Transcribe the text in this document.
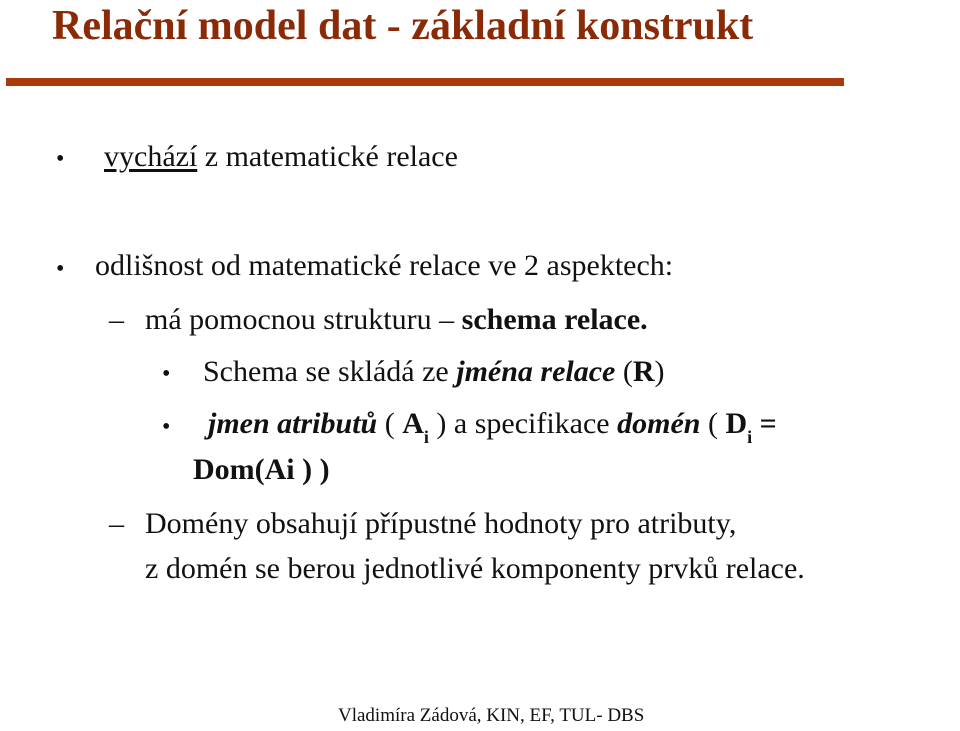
Relační model dat - základní konstrukt
• vychází z matematické relace
• odlišnost od matematické relace ve 2 aspektech:
– má pomocnou strukturu – schema relace.
• Schema se skládá ze jména relace (R)
• jmen atributů ( $A_i$ ) a specifikace domén ( $D_i$ =
Dom(Ai ) )
– Domény obsahují přípustné hodnoty pro atributy,
z domén se berou jednotlivé komponenty prvků relace.
Vladimíra Zádová, KIN, EF, TUL- DBS
